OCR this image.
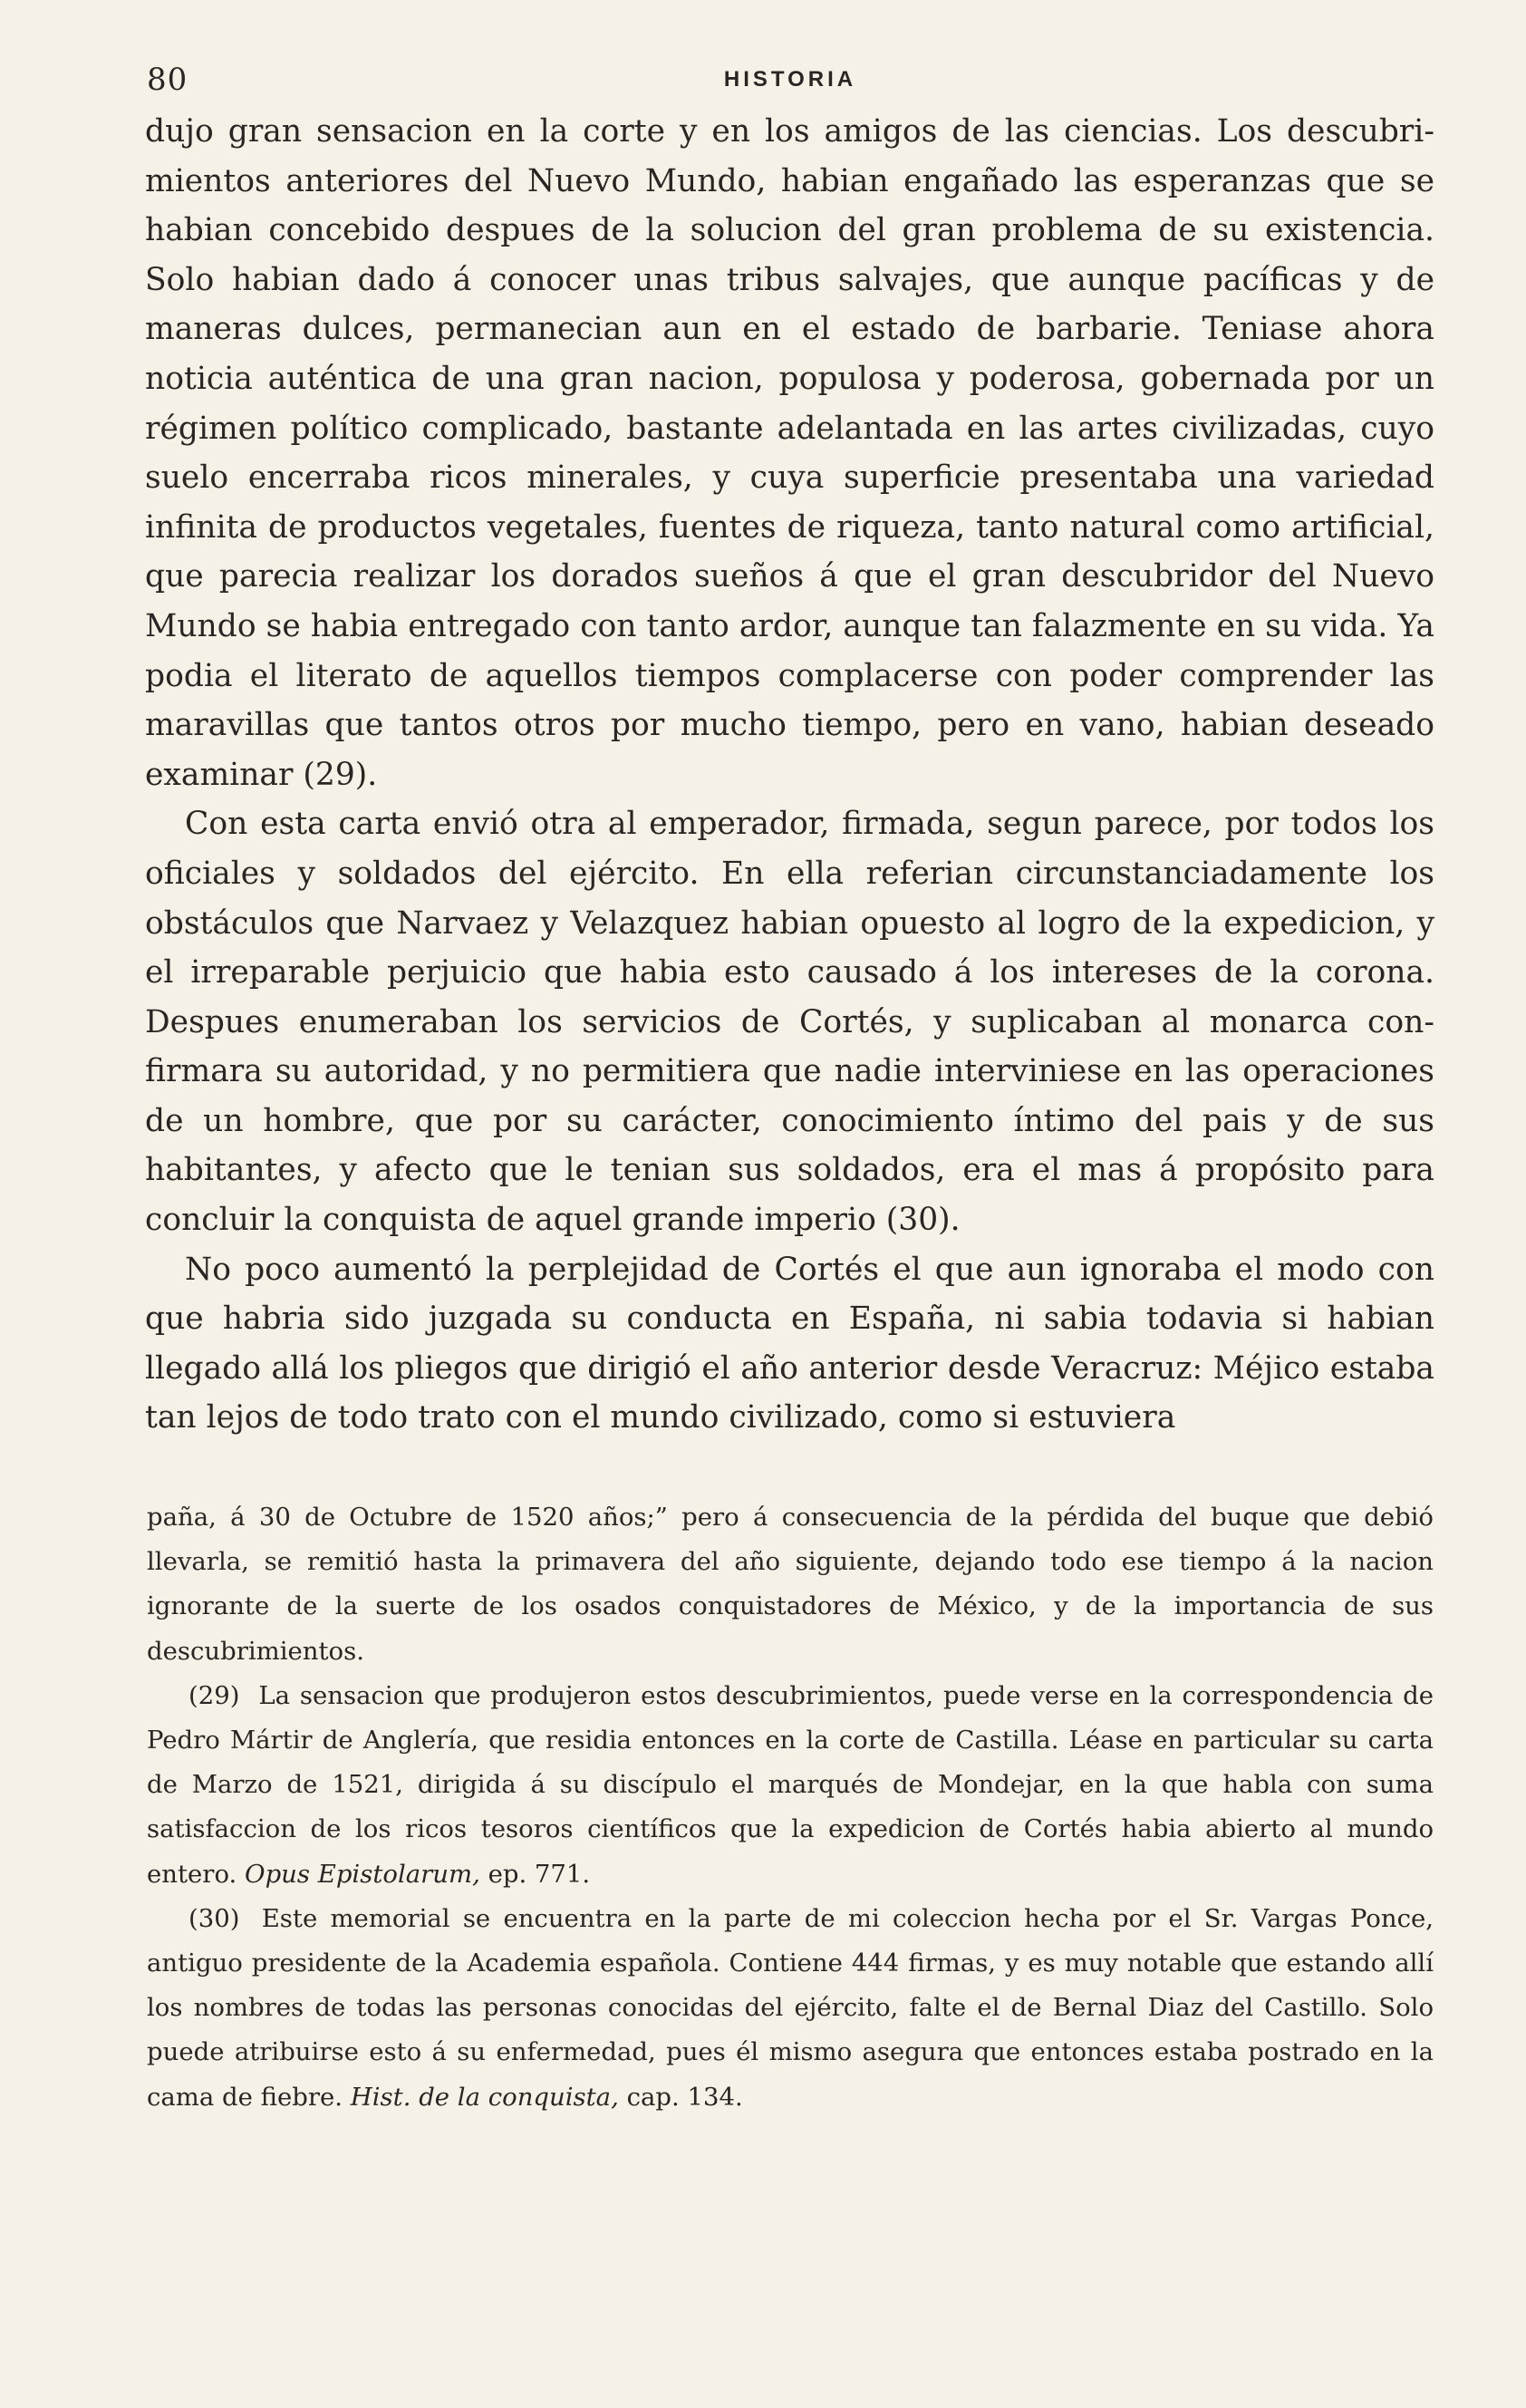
80	HISTORIA

dujo gran sensacion en la corte y en los amigos de las ciencias. Los descubrimientos anteriores del Nuevo Mundo, habian engañado las esperanzas que se habian concebido despues de la solucion del gran problema de su existencia. Solo habian dado á conocer unas tribus salvajes, que aunque pacíficas y de maneras dulces, permanecian aun en el estado de barbarie. Teniase ahora noticia auténtica de una gran nacion, populosa y poderosa, gobernada por un régimen político complicado, bastante adelantada en las artes civilizadas, cuyo suelo encerraba ricos minerales, y cuya superficie presentaba una variedad infinita de productos vegetales, fuentes de riqueza, tanto natural como artificial, que parecia realizar los dorados sueños á que el gran descubridor del Nuevo Mundo se habia entregado con tanto ardor, aunque tan falazmente en su vida. Ya podia el literato de aquellos tiempos complacerse con poder comprender las maravillas que tantos otros por mucho tiempo, pero en vano, habian deseado examinar (29).

Con esta carta envió otra al emperador, firmada, segun parece, por todos los oficiales y soldados del ejército. En ella referian circunstanciadamente los obstáculos que Narvaez y Velazquez habian opuesto al logro de la expedicion, y el irreparable perjuicio que habia esto causado á los intereses de la corona. Despues enumeraban los servicios de Cortés, y suplicaban al monarca confirmara su autoridad, y no permitiera que nadie interviniese en las operaciones de un hombre, que por su carácter, conocimiento íntimo del pais y de sus habitantes, y afecto que le tenian sus soldados, era el mas á propósito para concluir la conquista de aquel grande imperio (30).

No poco aumentó la perplejidad de Cortés el que aun ignoraba el modo con que habria sido juzgada su conducta en España, ni sabia todavia si habian llegado allá los pliegos que dirigió el año anterior desde Veracruz: Méjico estaba tan lejos de todo trato con el mundo civilizado, como si estuviera

paña, á 30 de Octubre de 1520 años;” pero á consecuencia de la pérdida del buque que debió llevarla, se remitió hasta la primavera del año siguiente, dejando todo ese tiempo á la nacion ignorante de la suerte de los osados conquistadores de México, y de la importancia de sus descubrimientos.

(29) La sensacion que produjeron estos descubrimientos, puede verse en la correspondencia de Pedro Mártir de Anglería, que residia entonces en la corte de Castilla. Léase en particular su carta de Marzo de 1521, dirigida á su discípulo el marqués de Mondejar, en la que habla con suma satisfaccion de los ricos tesoros científicos que la expedicion de Cortés habia abierto al mundo entero. Opus Epistolarum, ep. 771.

(30) Este memorial se encuentra en la parte de mi coleccion hecha por el Sr. Vargas Ponce, antiguo presidente de la Academia española. Contiene 444 firmas, y es muy notable que estando allí los nombres de todas las personas conocidas del ejército, falte el de Bernal Diaz del Castillo. Solo puede atribuirse esto á su enfermedad, pues él mismo asegura que entonces estaba postrado en la cama de fiebre. Hist. de la conquista, cap. 134.
